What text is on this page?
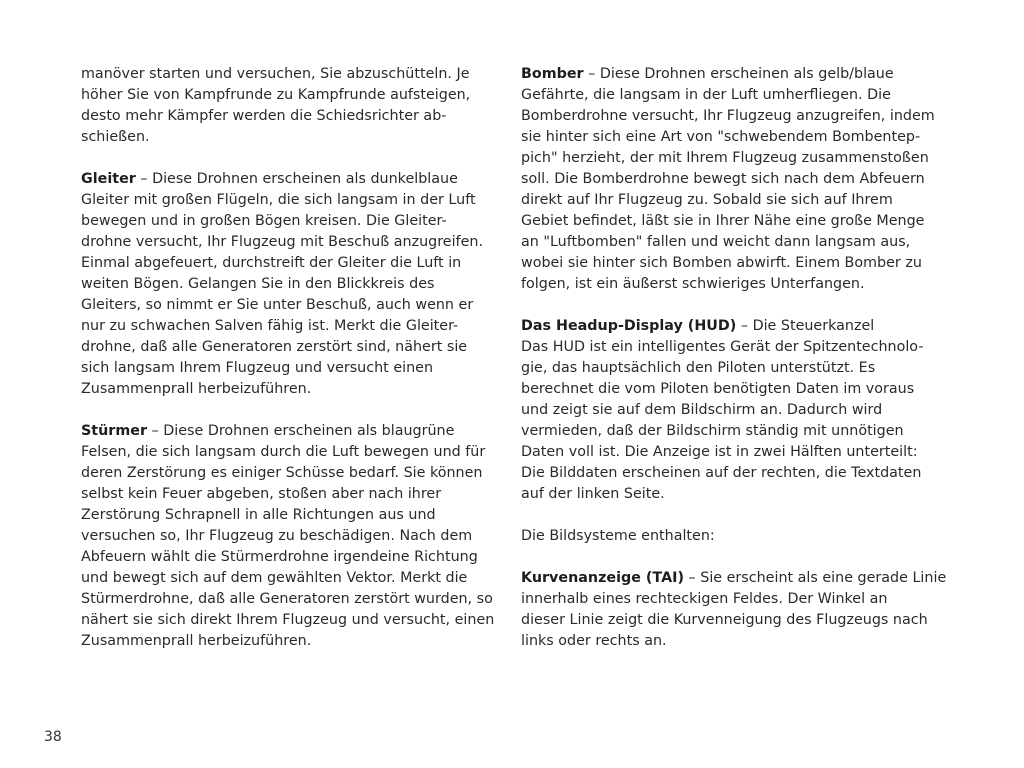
manöver starten und versuchen, Sie abzuschütteln. Je
höher Sie von Kampfrunde zu Kampfrunde aufsteigen,
desto mehr Kämpfer werden die Schiedsrichter ab-
schießen.

Gleiter – Diese Drohnen erscheinen als dunkelblaue
Gleiter mit großen Flügeln, die sich langsam in der Luft
bewegen und in großen Bögen kreisen. Die Gleiter-
drohne versucht, Ihr Flugzeug mit Beschuß anzugreifen.
Einmal abgefeuert, durchstreift der Gleiter die Luft in
weiten Bögen. Gelangen Sie in den Blickkreis des
Gleiters, so nimmt er Sie unter Beschuß, auch wenn er
nur zu schwachen Salven fähig ist. Merkt die Gleiter-
drohne, daß alle Generatoren zerstört sind, nähert sie
sich langsam Ihrem Flugzeug und versucht einen
Zusammenprall herbeizuführen.

Stürmer – Diese Drohnen erscheinen als blaugrüne
Felsen, die sich langsam durch die Luft bewegen und für
deren Zerstörung es einiger Schüsse bedarf. Sie können
selbst kein Feuer abgeben, stoßen aber nach ihrer
Zerstörung Schrapnell in alle Richtungen aus und
versuchen so, Ihr Flugzeug zu beschädigen. Nach dem
Abfeuern wählt die Stürmerdrohne irgendeine Richtung
und bewegt sich auf dem gewählten Vektor. Merkt die
Stürmerdrohne, daß alle Generatoren zerstört wurden, so
nähert sie sich direkt Ihrem Flugzeug und versucht, einen
Zusammenprall herbeizuführen.

Bomber – Diese Drohnen erscheinen als gelb/blaue
Gefährte, die langsam in der Luft umherfliegen. Die
Bomberdrohne versucht, Ihr Flugzeug anzugreifen, indem
sie hinter sich eine Art von "schwebendem Bombentep-
pich" herzieht, der mit Ihrem Flugzeug zusammenstoßen
soll. Die Bomberdrohne bewegt sich nach dem Abfeuern
direkt auf Ihr Flugzeug zu. Sobald sie sich auf Ihrem
Gebiet befindet, läßt sie in Ihrer Nähe eine große Menge
an "Luftbomben" fallen und weicht dann langsam aus,
wobei sie hinter sich Bomben abwirft. Einem Bomber zu
folgen, ist ein äußerst schwieriges Unterfangen.

Das Headup-Display (HUD) – Die Steuerkanzel
Das HUD ist ein intelligentes Gerät der Spitzentechnolo-
gie, das hauptsächlich den Piloten unterstützt. Es
berechnet die vom Piloten benötigten Daten im voraus
und zeigt sie auf dem Bildschirm an. Dadurch wird
vermieden, daß der Bildschirm ständig mit unnötigen
Daten voll ist. Die Anzeige ist in zwei Hälften unterteilt:
Die Bilddaten erscheinen auf der rechten, die Textdaten
auf der linken Seite.

Die Bildsysteme enthalten:

Kurvenanzeige (TAI) – Sie erscheint als eine gerade Linie
innerhalb eines rechteckigen Feldes. Der Winkel an
dieser Linie zeigt die Kurvenneigung des Flugzeugs nach
links oder rechts an.

38
